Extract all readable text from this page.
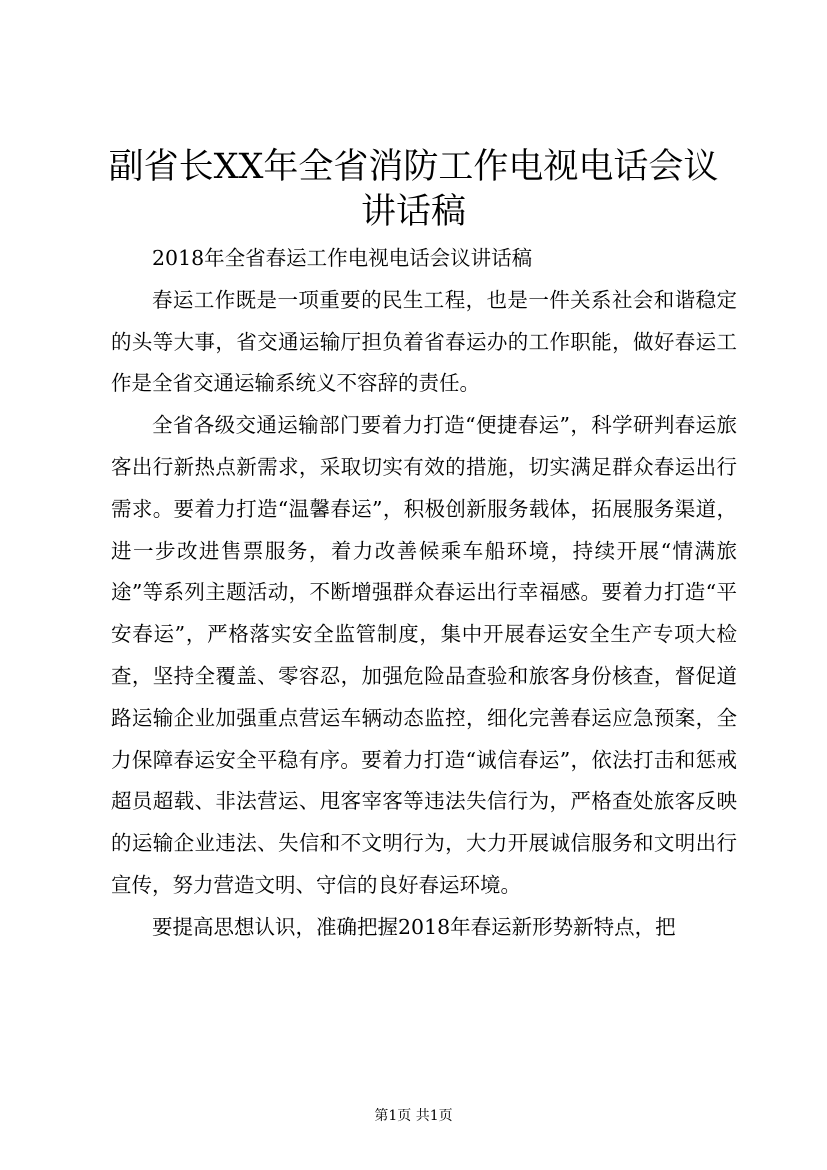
副省长XX年全省消防工作电视电话会议讲话稿

2018年全省春运工作电视电话会议讲话稿

春运工作既是一项重要的民生工程，也是一件关系社会和谐稳定的头等大事，省交通运输厅担负着省春运办的工作职能，做好春运工作是全省交通运输系统义不容辞的责任。

全省各级交通运输部门要着力打造“便捷春运”，科学研判春运旅客出行新热点新需求，采取切实有效的措施，切实满足群众春运出行需求。要着力打造“温馨春运”，积极创新服务载体，拓展服务渠道，进一步改进售票服务，着力改善候乘车船环境，持续开展“情满旅途”等系列主题活动，不断增强群众春运出行幸福感。要着力打造“平安春运”，严格落实安全监管制度，集中开展春运安全生产专项大检查，坚持全覆盖、零容忍，加强危险品查验和旅客身份核查，督促道路运输企业加强重点营运车辆动态监控，细化完善春运应急预案，全力保障春运安全平稳有序。要着力打造“诚信春运”，依法打击和惩戒超员超载、非法营运、甩客宰客等违法失信行为，严格查处旅客反映的运输企业违法、失信和不文明行为，大力开展诚信服务和文明出行宣传，努力营造文明、守信的良好春运环境。

要提高思想认识，准确把握2018年春运新形势新特点，把

第1页 共1页
